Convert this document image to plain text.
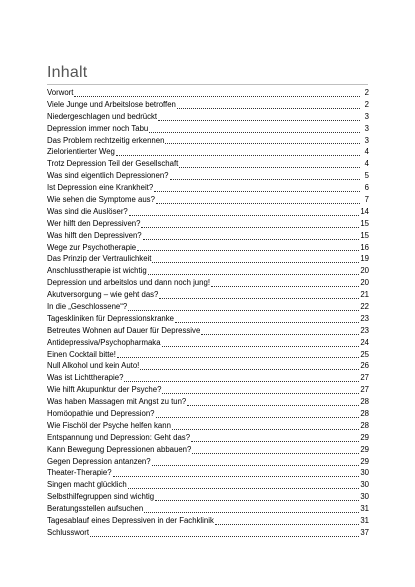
Inhalt
Vorwort	2
Viele Junge und Arbeitslose betroffen	2
Niedergeschlagen und bedrückt	3
Depression immer noch Tabu	3
Das Problem rechtzeitig erkennen	3
Zielorientierter Weg	4
Trotz Depression Teil der Gesellschaft	4
Was sind eigentlich Depressionen?	5
Ist Depression eine Krankheit?	6
Wie sehen die Symptome aus?	7
Was sind die Auslöser?	14
Wer hilft den Depressiven?	15
Was hilft den Depressiven?	15
Wege zur Psychotherapie	16
Das Prinzip der Vertraulichkeit	19
Anschlusstherapie ist wichtig	20
Depression und arbeitslos und dann noch jung!	20
Akutversorgung – wie geht das?	21
In die „Geschlossene“?	22
Tageskliniken für Depressionskranke	23
Betreutes Wohnen auf Dauer für Depressive	23
Antidepressiva/Psychopharmaka	24
Einen Cocktail bitte!	25
Null Alkohol und kein Auto!	26
Was ist Lichttherapie?	27
Wie hilft Akupunktur der Psyche?	27
Was haben Massagen mit Angst zu tun?	28
Homöopathie und Depression?	28
Wie Fischöl der Psyche helfen kann	28
Entspannung und Depression: Geht das?	29
Kann Bewegung Depressionen abbauen?	29
Gegen Depression antanzen?	29
Theater-Therapie?	30
Singen macht glücklich	30
Selbsthilfegruppen sind wichtig	30
Beratungsstellen aufsuchen	31
Tagesablauf eines Depressiven in der Fachklinik	31
Schlusswort	37
